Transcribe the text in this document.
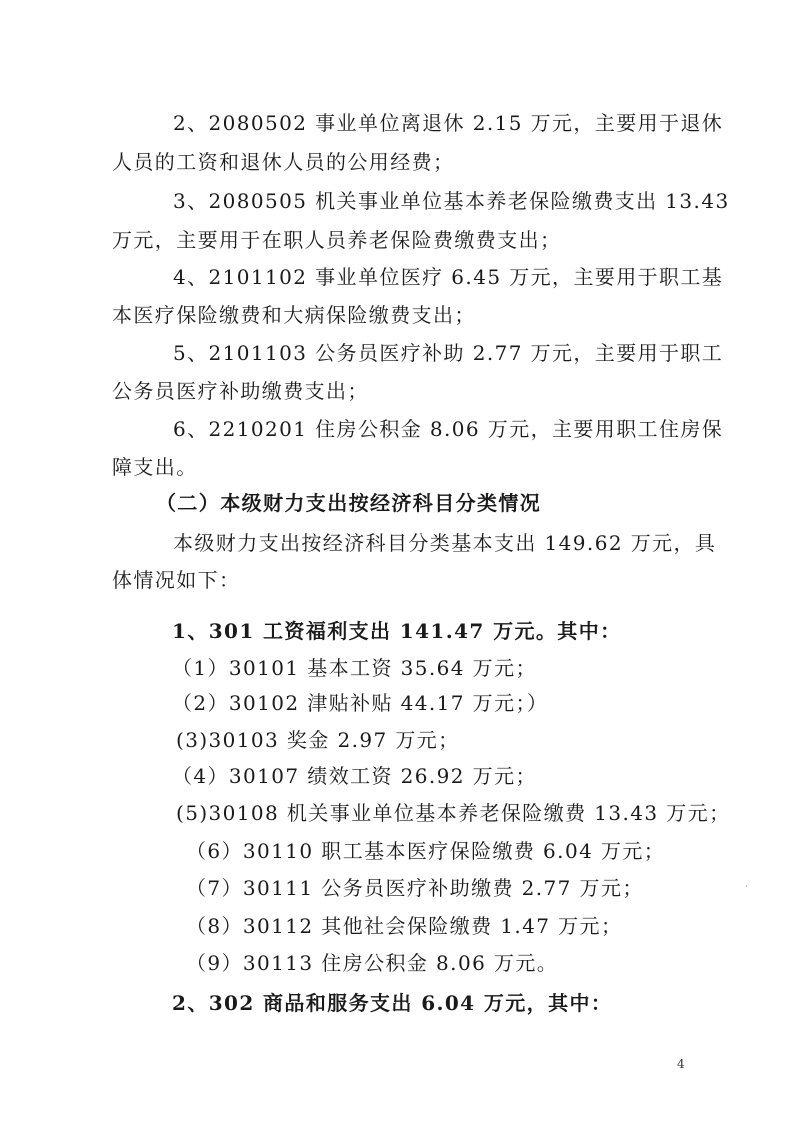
2、2080502 事业单位离退休 2.15 万元，主要用于退休
人员的工资和退休人员的公用经费；
3、2080505 机关事业单位基本养老保险缴费支出 13.43
万元，主要用于在职人员养老保险费缴费支出；
4、2101102 事业单位医疗 6.45 万元，主要用于职工基
本医疗保险缴费和大病保险缴费支出；
5、2101103 公务员医疗补助 2.77 万元，主要用于职工
公务员医疗补助缴费支出；
6、2210201 住房公积金 8.06 万元，主要用职工住房保
障支出。
（二）本级财力支出按经济科目分类情况
本级财力支出按经济科目分类基本支出 149.62 万元，具
体情况如下：
1、301 工资福利支出 141.47 万元。其中：
（1）30101 基本工资 35.64 万元；
（2）30102 津贴补贴 44.17 万元；）
(3)30103 奖金 2.97 万元；
（4）30107 绩效工资 26.92 万元；
(5)30108 机关事业单位基本养老保险缴费 13.43 万元；
（6）30110 职工基本医疗保险缴费 6.04 万元；
（7）30111 公务员医疗补助缴费 2.77 万元；
（8）30112 其他社会保险缴费 1.47 万元；
（9）30113 住房公积金 8.06 万元。
2、302 商品和服务支出 6.04 万元，其中：
ˋ
4
